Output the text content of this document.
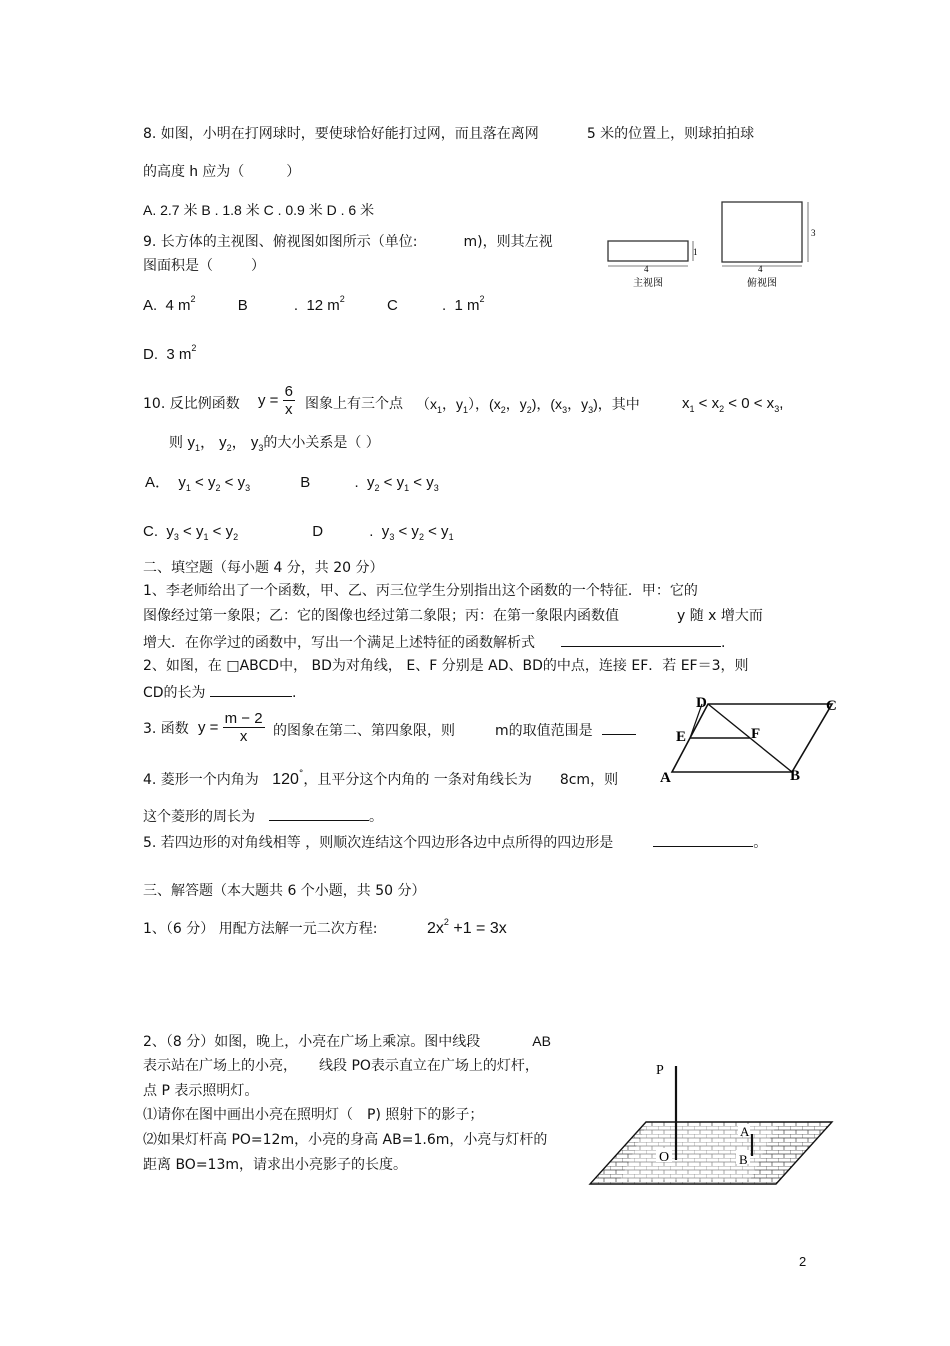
8. 如图，小明在打网球时，要使球恰好能打过网，而且落在离网	5 米的位置上，则球拍拍球
的高度 h 应为（	）
A. 2.7 米 B . 1.8 米 C . 0.9 米 D . 6 米
9. 长方体的主视图、俯视图如图所示（单位:	m)，则其左视
图面积是（	）
A. 4 $m^2$	B	. 12 $m^2$	C	. 1 $m^2$
D. 3 $m^2$
4
1
主视图
4
3
俯视图
10. 反比例函数 $y = \frac{6}{x}$ 图象上有三个点 （$x_1$，$y_1$），($x_2$，$y_2$)，($x_3$，$y_3$)，其中	$x_1 < x_2 < 0 < x_3$,
则 $y_1$， $y_2$， $y_3$的大小关系是（ ）
A．  $y_1 < y_2 < y_3$	B	.  $y_2 < y_1 < y_3$
C.  $y_3 < y_1 < y_2$	D	.  $y_3 < y_2 < y_1$
二、填空题（每小题 4 分，共 20 分）
1、李老师给出了一个函数，甲、乙、丙三位学生分别指出这个函数的一个特征．甲：它的
图像经过第一象限；乙：它的图像也经过第二象限；丙：在第一象限内函数值	y 随 x 增大而
增大．在你学过的函数中，写出一个满足上述特征的函数解析式	.
2、如图，在 □ABCD中， BD为对角线， E、F 分别是 AD、BD的中点，连接 EF．若 EF＝3，则
CD的长为	.
3. 函数 $y = \frac{m - 2}{x}$ 的图象在第二、第四象限，则	m的取值范围是
4. 菱形一个内角为 120°，且平分这个内角的 一条对角线长为 8cm，则
这个菱形的周长为	。
5. 若四边形的对角线相等 ，则顺次连结这个四边形各边中点所得的四边形是	。
D	C
E	F
A	B
三、解答题（本大题共 6 个小题，共 50 分）
1、（6 分） 用配方法解一元二次方程:	$2x^2 +1 = 3x$
2、（8 分）如图，晚上，小亮在广场上乘凉。图中线段	AB
表示站在广场上的小亮， 线段 PO表示直立在广场上的灯杆，
点 P 表示照明灯。
⑴请你在图中画出小亮在照明灯（ P) 照射下的影子；
⑵如果灯杆高 PO=12m，小亮的身高 AB=1.6m，小亮与灯杆的
距离 BO=13m，请求出小亮影子的长度。
P
O
A
B
2
